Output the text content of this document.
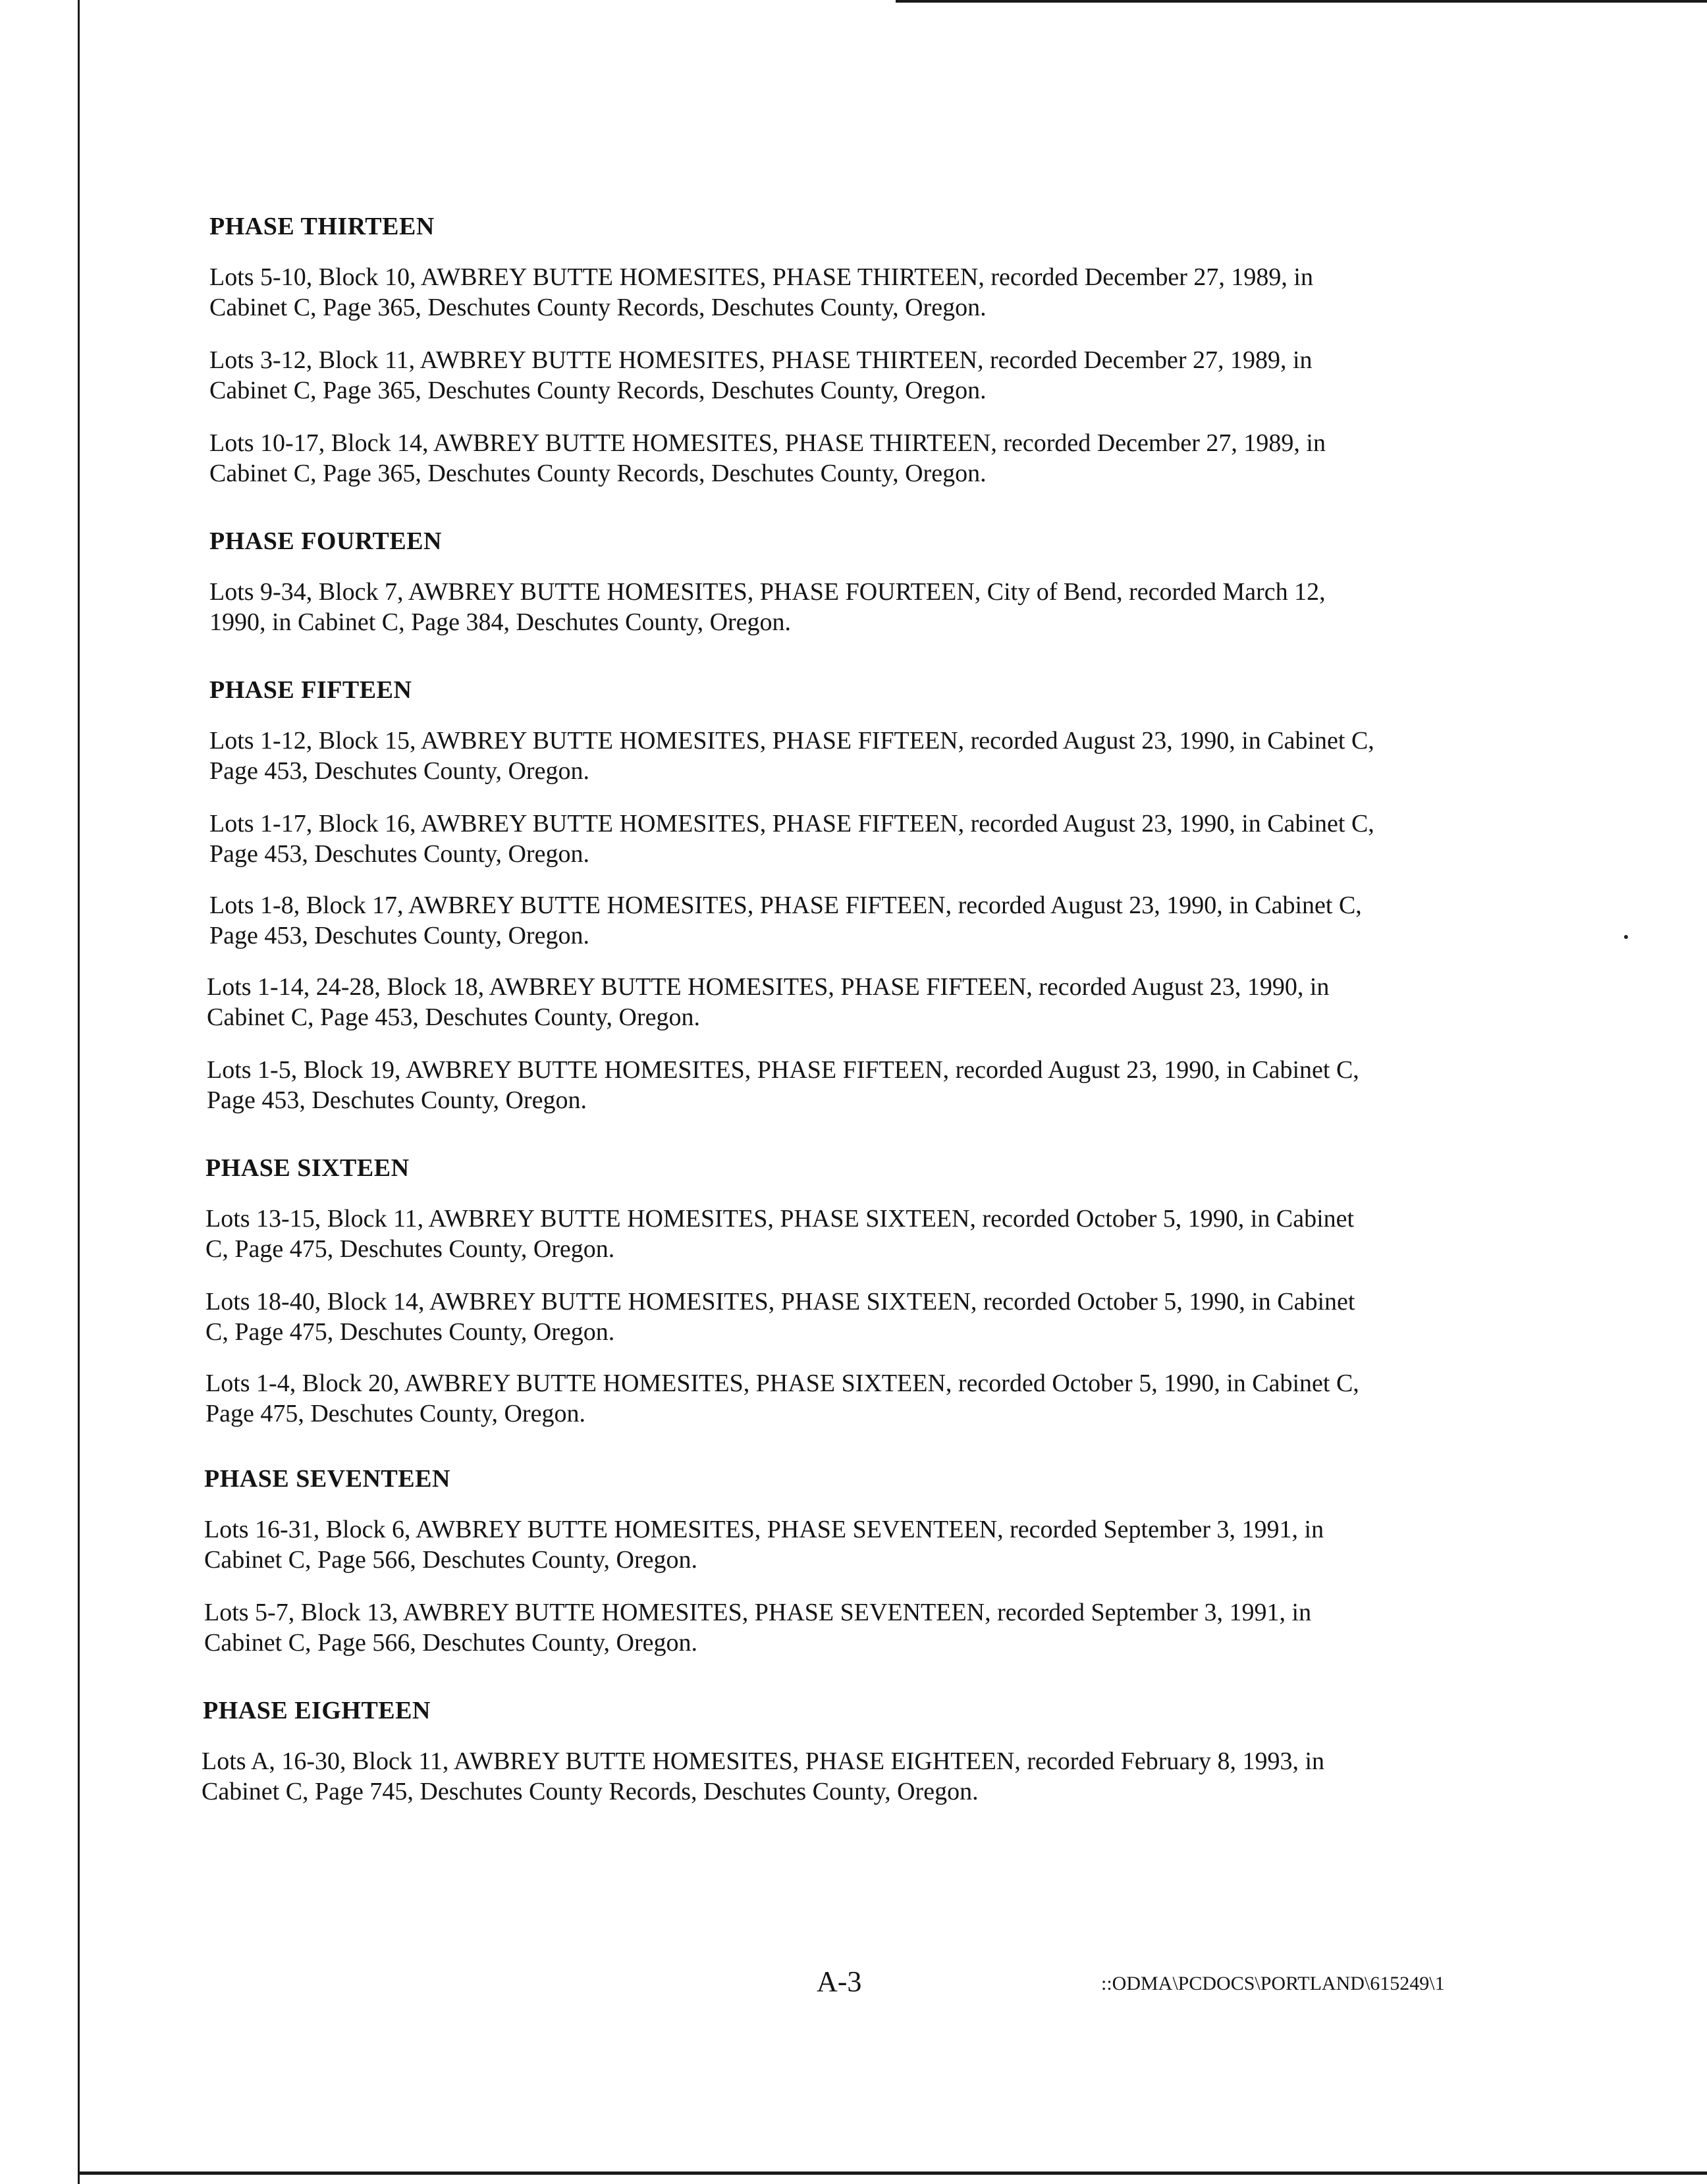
PHASE THIRTEEN

Lots 5-10, Block 10, AWBREY BUTTE HOMESITES, PHASE THIRTEEN, recorded December 27, 1989, in
Cabinet C, Page 365, Deschutes County Records, Deschutes County, Oregon.

Lots 3-12, Block 11, AWBREY BUTTE HOMESITES, PHASE THIRTEEN, recorded December 27, 1989, in
Cabinet C, Page 365, Deschutes County Records, Deschutes County, Oregon.

Lots 10-17, Block 14, AWBREY BUTTE HOMESITES, PHASE THIRTEEN, recorded December 27, 1989, in
Cabinet C, Page 365, Deschutes County Records, Deschutes County, Oregon.

PHASE FOURTEEN

Lots 9-34, Block 7, AWBREY BUTTE HOMESITES, PHASE FOURTEEN, City of Bend, recorded March 12,
1990, in Cabinet C, Page 384, Deschutes County, Oregon.

PHASE FIFTEEN

Lots 1-12, Block 15, AWBREY BUTTE HOMESITES, PHASE FIFTEEN, recorded August 23, 1990, in Cabinet C,
Page 453, Deschutes County, Oregon.

Lots 1-17, Block 16, AWBREY BUTTE HOMESITES, PHASE FIFTEEN, recorded August 23, 1990, in Cabinet C,
Page 453, Deschutes County, Oregon.

Lots 1-8, Block 17, AWBREY BUTTE HOMESITES, PHASE FIFTEEN, recorded August 23, 1990, in Cabinet C,
Page 453, Deschutes County, Oregon.

Lots 1-14, 24-28, Block 18, AWBREY BUTTE HOMESITES, PHASE FIFTEEN, recorded August 23, 1990, in
Cabinet C, Page 453, Deschutes County, Oregon.

Lots 1-5, Block 19, AWBREY BUTTE HOMESITES, PHASE FIFTEEN, recorded August 23, 1990, in Cabinet C,
Page 453, Deschutes County, Oregon.

PHASE SIXTEEN

Lots 13-15, Block 11, AWBREY BUTTE HOMESITES, PHASE SIXTEEN, recorded October 5, 1990, in Cabinet
C, Page 475, Deschutes County, Oregon.

Lots 18-40, Block 14, AWBREY BUTTE HOMESITES, PHASE SIXTEEN, recorded October 5, 1990, in Cabinet
C, Page 475, Deschutes County, Oregon.

Lots 1-4, Block 20, AWBREY BUTTE HOMESITES, PHASE SIXTEEN, recorded October 5, 1990, in Cabinet C,
Page 475, Deschutes County, Oregon.

PHASE SEVENTEEN

Lots 16-31, Block 6, AWBREY BUTTE HOMESITES, PHASE SEVENTEEN, recorded September 3, 1991, in
Cabinet C, Page 566, Deschutes County, Oregon.

Lots 5-7, Block 13, AWBREY BUTTE HOMESITES, PHASE SEVENTEEN, recorded September 3, 1991, in
Cabinet C, Page 566, Deschutes County, Oregon.

PHASE EIGHTEEN

Lots A, 16-30, Block 11, AWBREY BUTTE HOMESITES, PHASE EIGHTEEN, recorded February 8, 1993, in
Cabinet C, Page 745, Deschutes County Records, Deschutes County, Oregon.

A-3	::ODMA\PCDOCS\PORTLAND\615249\1
